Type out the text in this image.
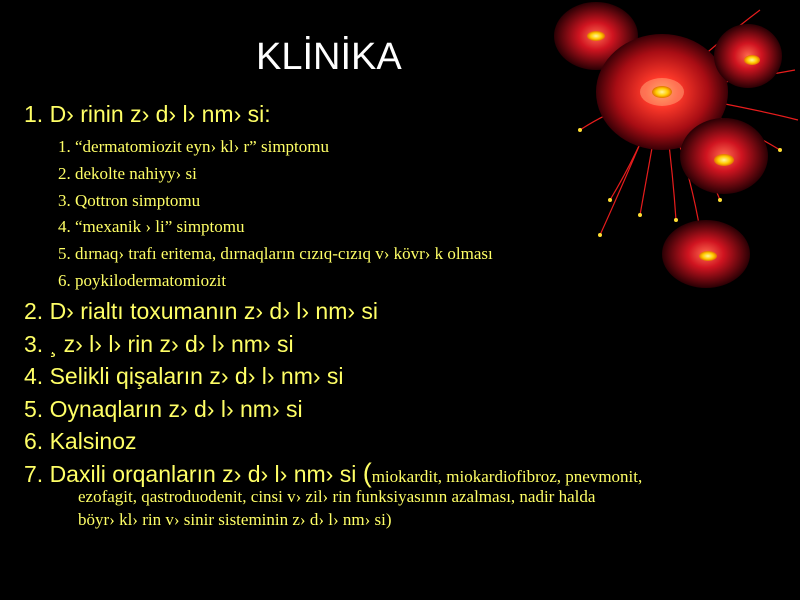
KLİNİKA
1. D› rinin z› d› l› nm› si:
1. “dermatomiozit eyn› kl› r” simptomu
2. dekolte nahiyy› si
3. Qottron simptomu
4. “mexanik › li” simptomu
5. dırnaq› trafı eritema, dırnaqların cızıq-cızıq v› kövr› k olması
6. poykilodermatomiozit
2. D› rialtı toxumanın z› d› l› nm› si
3. ¸ z› l› l› rin z› d› l› nm› si
4. Selikli qişaların z› d› l› nm› si
5. Oynaqların z› d› l› nm› si
6. Kalsinoz
7. Daxili orqanların z› d› l› nm› si (miokardit, miokardiofibroz, pnevmonit,
ezofagit, qastroduodenit, cinsi v› zil› rin funksiyasının azalması, nadir halda
böyr› kl› rin v› sinir sisteminin z› d› l› nm› si)
